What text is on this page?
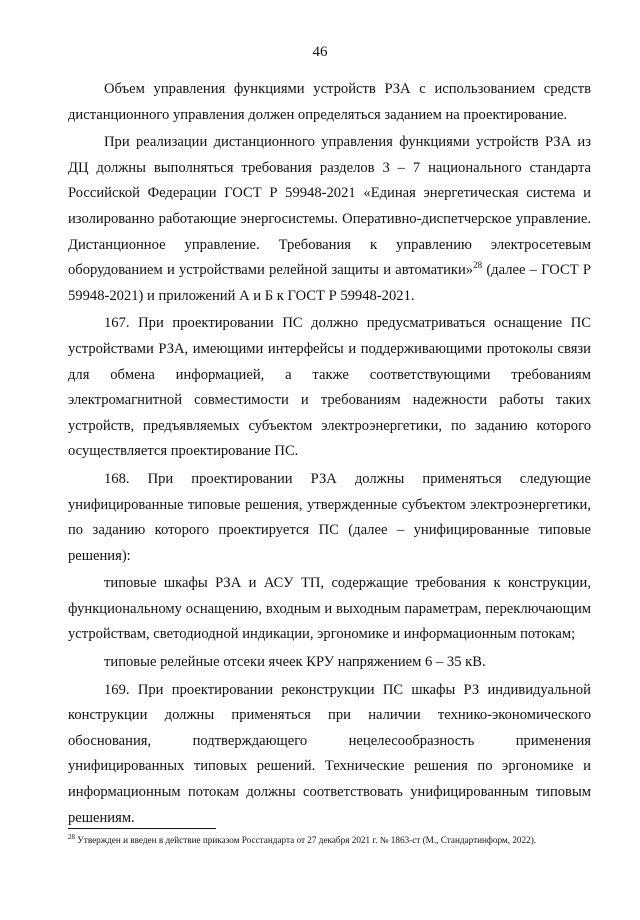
46

Объем управления функциями устройств РЗА с использованием средств дистанционного управления должен определяться заданием на проектирование.

При реализации дистанционного управления функциями устройств РЗА из ДЦ должны выполняться требования разделов 3 – 7 национального стандарта Российской Федерации ГОСТ Р 59948-2021 «Единая энергетическая система и изолированно работающие энергосистемы. Оперативно-диспетчерское управление. Дистанционное управление. Требования к управлению электросетевым оборудованием и устройствами релейной защиты и автоматики»$^{28}$ (далее – ГОСТ Р 59948-2021) и приложений А и Б к ГОСТ Р 59948-2021.

167. При проектировании ПС должно предусматриваться оснащение ПС устройствами РЗА, имеющими интерфейсы и поддерживающими протоколы связи для обмена информацией, а также соответствующими требованиям электромагнитной совместимости и требованиям надежности работы таких устройств, предъявляемых субъектом электроэнергетики, по заданию которого осуществляется проектирование ПС.

168. При проектировании РЗА должны применяться следующие унифицированные типовые решения, утвержденные субъектом электроэнергетики, по заданию которого проектируется ПС (далее – унифицированные типовые решения):

типовые шкафы РЗА и АСУ ТП, содержащие требования к конструкции, функциональному оснащению, входным и выходным параметрам, переключающим устройствам, светодиодной индикации, эргономике и информационным потокам;

типовые релейные отсеки ячеек КРУ напряжением 6 – 35 кВ.

169. При проектировании реконструкции ПС шкафы РЗ индивидуальной конструкции должны применяться при наличии технико-экономического обоснования, подтверждающего нецелесообразность применения унифицированных типовых решений. Технические решения по эргономике и информационным потокам должны соответствовать унифицированным типовым решениям.

$^{28}$ Утвержден и введен в действие приказом Росстандарта от 27 декабря 2021 г. № 1863-ст (М., Стандартинформ, 2022).
